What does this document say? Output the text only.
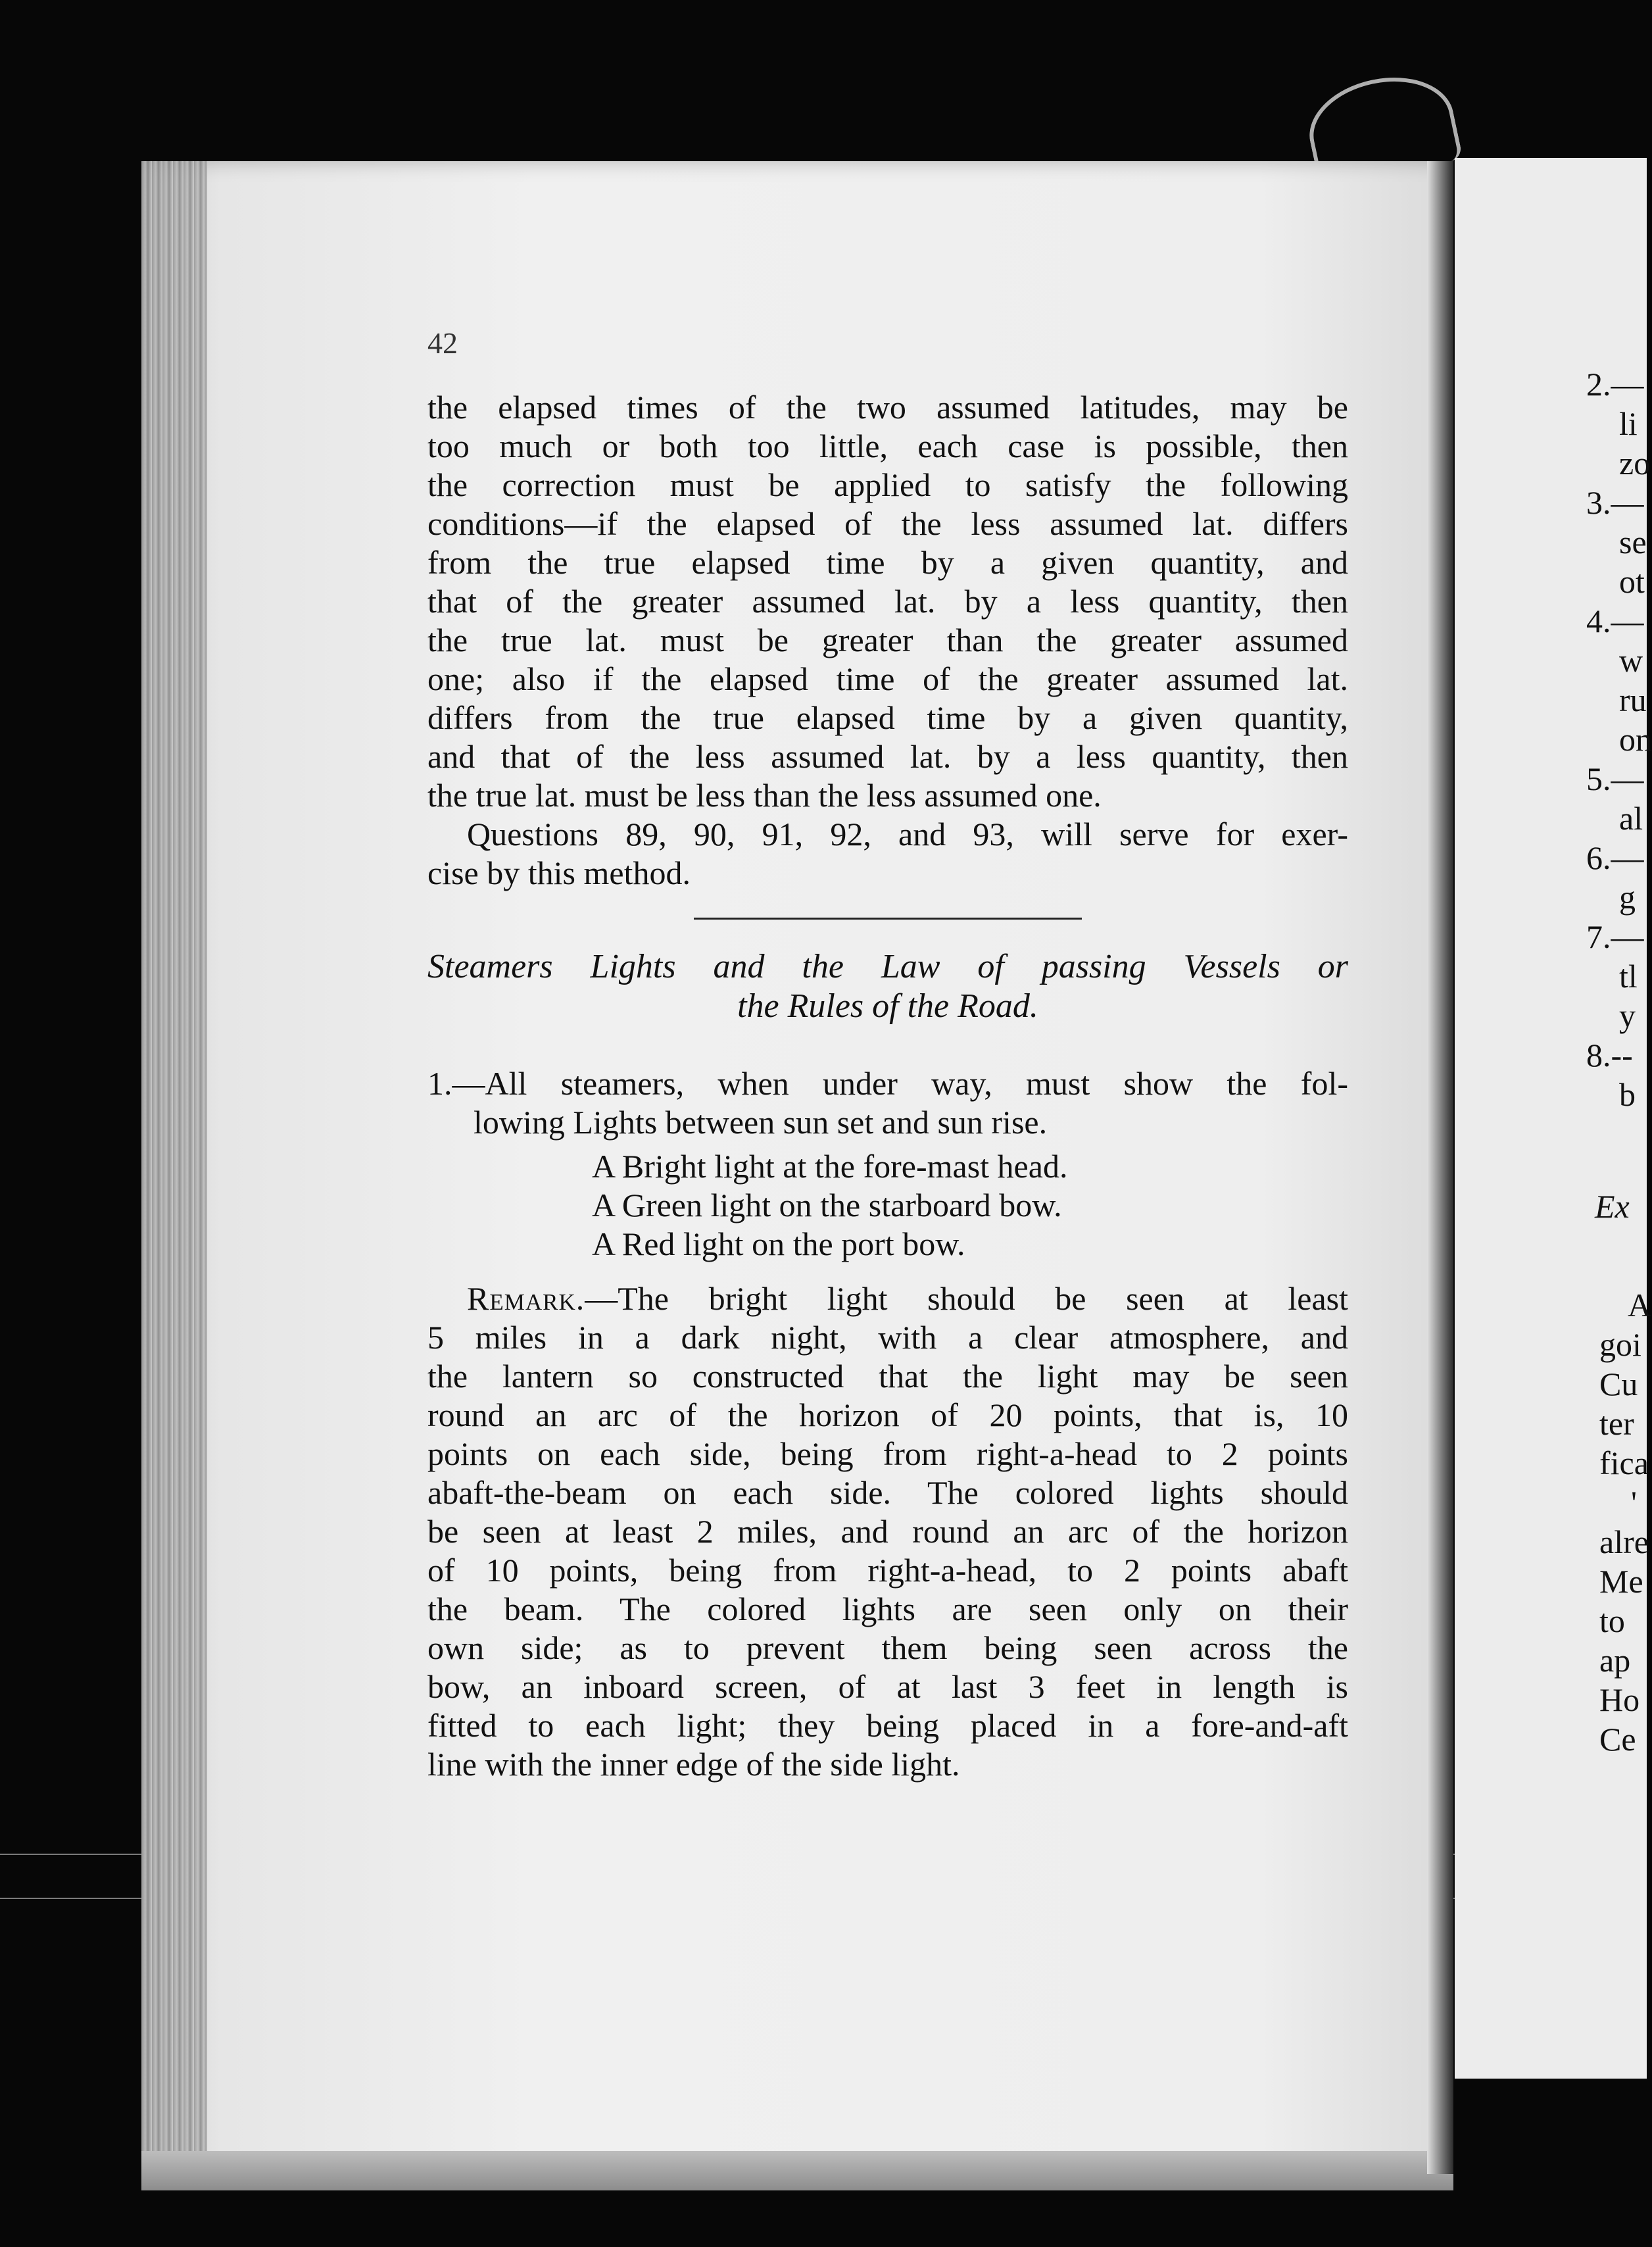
42
the elapsed times of the two assumed latitudes, may be
too much or both too little, each case is possible, then
the correction must be applied to satisfy the following
conditions—if the elapsed of the less assumed lat. differs
from the true elapsed time by a given quantity, and
that of the greater assumed lat. by a less quantity, then
the true lat. must be greater than the greater assumed
one; also if the elapsed time of the greater assumed lat.
differs from the true elapsed time by a given quantity,
and that of the less assumed lat. by a less quantity, then
the true lat. must be less than the less assumed one.
Questions 89, 90, 91, 92, and 93, will serve for exer-
cise by this method.
Steamers Lights and the Law of passing Vessels or
the Rules of the Road.
1.—All steamers, when under way, must show the fol-
lowing Lights between sun set and sun rise.
A Bright light at the fore-mast head.
A Green light on the starboard bow.
A Red light on the port bow.
Remark.—The bright light should be seen at least
5 miles in a dark night, with a clear atmosphere, and
the lantern so constructed that the light may be seen
round an arc of the horizon of 20 points, that is, 10
points on each side, being from right-a-head to 2 points
abaft-the-beam on each side. The colored lights should
be seen at least 2 miles, and round an arc of the horizon
of 10 points, being from right-a-head, to 2 points abaft
the beam. The colored lights are seen only on their
own side; as to prevent them being seen across the
bow, an inboard screen, of at last 3 feet in length is
fitted to each light; they being placed in a fore-and-aft
line with the inner edge of the side light.
2.—
li
zo
3.—
se
ot
4.—
w
ru
on
5.—
al
6.—
g
7.—
tl
y
8.--
b
Ex
A
goi
Cu
ter
fica
'
alre
Me
to
ap
Ho
Ce
